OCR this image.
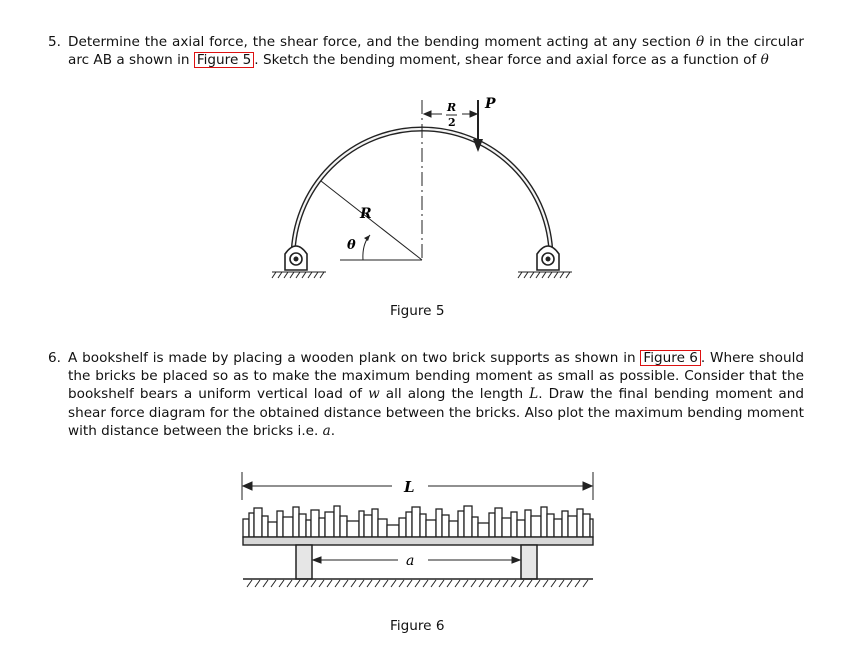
5. Determine the axial force, the shear force, and the bending moment acting at any section θ in the circular arc AB a shown in Figure 5 . Sketch the bending moment, shear force and axial force as a function of θ
R
θ
R
2
P
Figure 5
6. A bookshelf is made by placing a wooden plank on two brick supports as shown in Figure 6 . Where should the bricks be placed so as to make the maximum bending moment as small as possible. Consider that the bookshelf bears a uniform vertical load of w all along the length L. Draw the final bending moment and shear force diagram for the obtained distance between the bricks. Also plot the maximum bending moment with distance between the bricks i.e. a.
L
a
Figure 6
